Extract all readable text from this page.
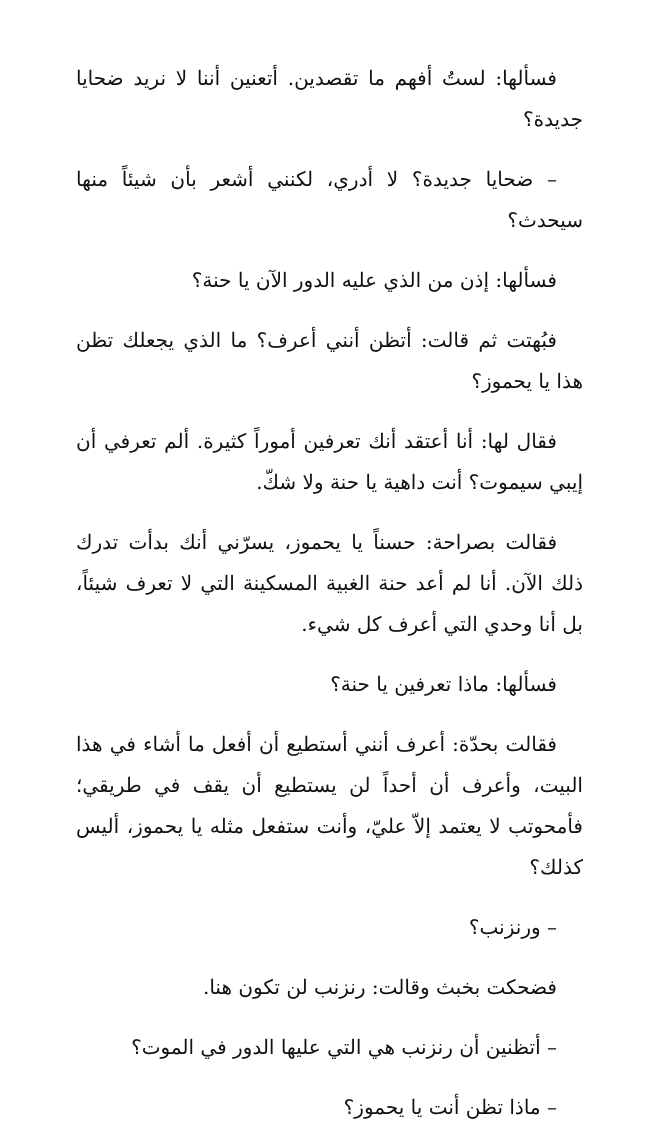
فسألها: لستُ أفهم ما تقصدين. أتعنين أننا لا نريد ضحايا جديدة؟

– ضحايا جديدة؟ لا أدري، لكنني أشعر بأن شيئاً منها سيحدث؟

فسألها: إذن من الذي عليه الدور الآن يا حنة؟

فبُهتت ثم قالت: أتظن أنني أعرف؟ ما الذي يجعلك تظن هذا يا يحموز؟

فقال لها: أنا أعتقد أنك تعرفين أموراً كثيرة. ألم تعرفي أن إيبي سيموت؟ أنت داهية يا حنة ولا شكّ.

فقالت بصراحة: حسناً يا يحموز، يسرّني أنك بدأت تدرك ذلك الآن. أنا لم أعد حنة الغبية المسكينة التي لا تعرف شيئاً، بل أنا وحدي التي أعرف كل شيء.

فسألها: ماذا تعرفين يا حنة؟

فقالت بحدّة: أعرف أنني أستطيع أن أفعل ما أشاء في هذا البيت، وأعرف أن أحداً لن يستطيع أن يقف في طريقي؛ فأمحوتب لا يعتمد إلاّ عليّ، وأنت ستفعل مثله يا يحموز، أليس كذلك؟

– ورنزنب؟

فضحكت بخبث وقالت: رنزنب لن تكون هنا.

– أتظنين أن رنزنب هي التي عليها الدور في الموت؟

– ماذا تظن أنت يا يحموز؟
